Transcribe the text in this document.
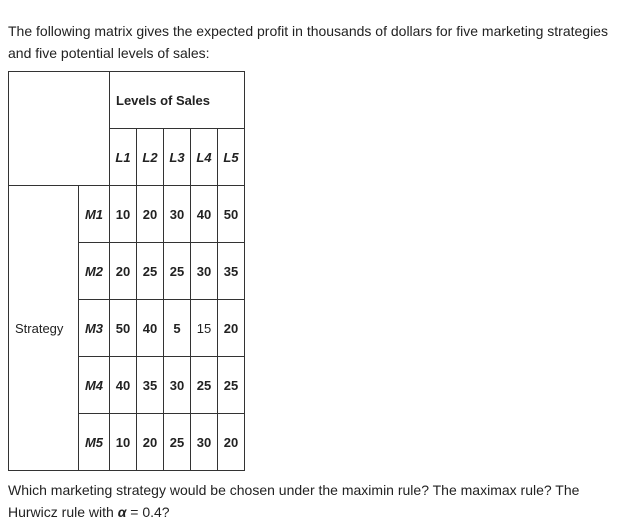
The following matrix gives the expected profit in thousands of dollars for five marketing strategies and five potential levels of sales:
		Levels of Sales				
		L1	L2	L3	L4	L5
Strategy	M1	10	20	30	40	50
	M2	20	25	25	30	35
	M3	50	40	5	15	20
	M4	40	35	30	25	25
	M5	10	20	25	30	20
Which marketing strategy would be chosen under the maximin rule? The maximax rule? The Hurwicz rule with α = 0.4?
